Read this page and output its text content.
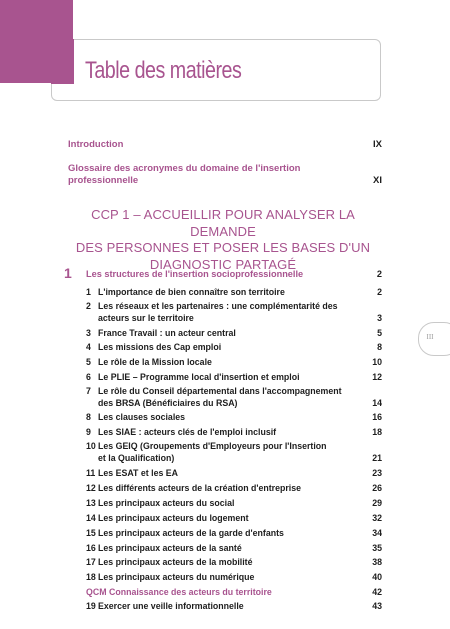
Table des matières
Introduction	IX
Glossaire des acronymes du domaine de l'insertion
professionnelle	XI
CCP 1 – ACCUEILLIR POUR ANALYSER LA DEMANDE
DES PERSONNES ET POSER LES BASES D'UN
DIAGNOSTIC PARTAGÉ
1 Les structures de l'insertion socioprofessionnelle	2
1 L'importance de bien connaître son territoire	2
2 Les réseaux et les partenaires : une complémentarité des
acteurs sur le territoire	3
3 France Travail : un acteur central	5
4 Les missions des Cap emploi	8
5 Le rôle de la Mission locale	10
6 Le PLIE – Programme local d'insertion et emploi	12
7 Le rôle du Conseil départemental dans l'accompagnement
des BRSA (Bénéficiaires du RSA)	14
8 Les clauses sociales	16
9 Les SIAE : acteurs clés de l'emploi inclusif	18
10 Les GEIQ (Groupements d'Employeurs pour l'Insertion
et la Qualification)	21
11 Les ESAT et les EA	23
12 Les différents acteurs de la création d'entreprise	26
13 Les principaux acteurs du social	29
14 Les principaux acteurs du logement	32
15 Les principaux acteurs de la garde d'enfants	34
16 Les principaux acteurs de la santé	35
17 Les principaux acteurs de la mobilité	38
18 Les principaux acteurs du numérique	40
QCM Connaissance des acteurs du territoire	42
19 Exercer une veille informationnelle	43
III
